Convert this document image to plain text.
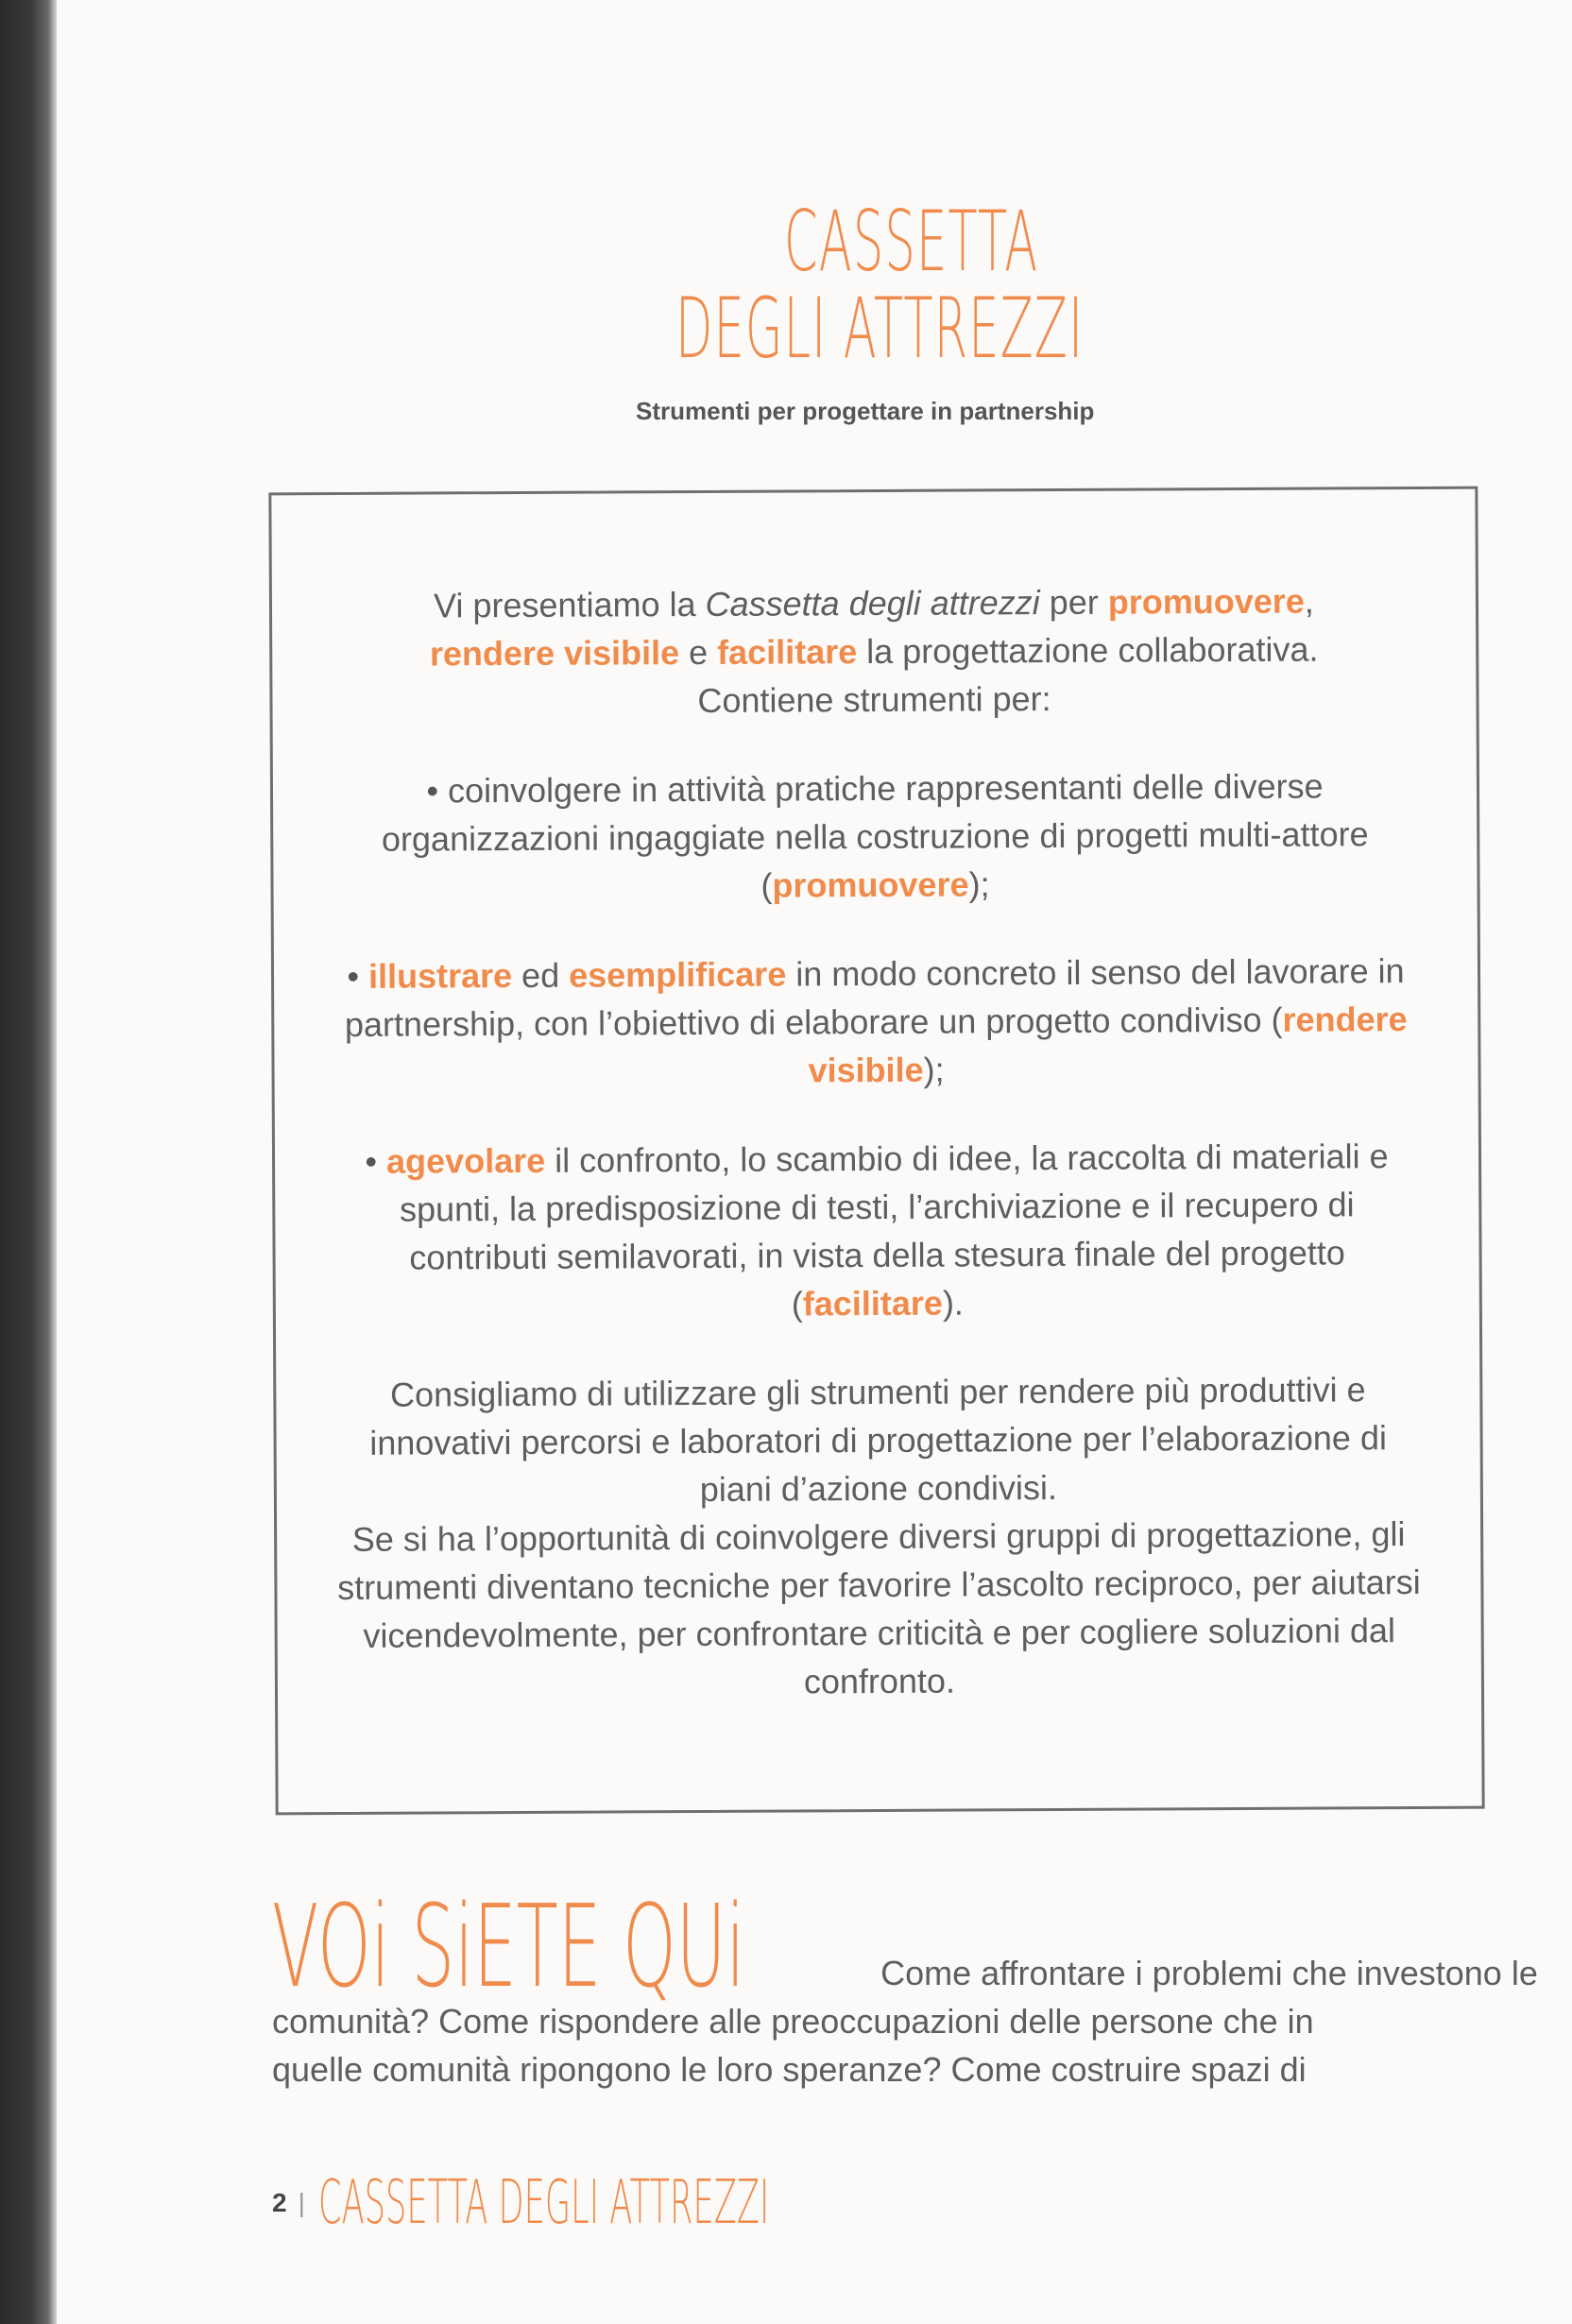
CASSETTA
DEGLI ATTREZZI
Strumenti per progettare in partnership

Vi presentiamo la Cassetta degli attrezzi per promuovere,
rendere visibile e facilitare la progettazione collaborativa.
Contiene strumenti per:

• coinvolgere in attività pratiche rappresentanti delle diverse organizzazioni ingaggiate nella costruzione di progetti multi-attore (promuovere);

• illustrare ed esemplificare in modo concreto il senso del lavorare in partnership, con l’obiettivo di elaborare un progetto condiviso (rendere visibile);

• agevolare il confronto, lo scambio di idee, la raccolta di materiali e spunti, la predisposizione di testi, l’archiviazione e il recupero di contributi semilavorati, in vista della stesura finale del progetto (facilitare).

Consigliamo di utilizzare gli strumenti per rendere più produttivi e innovativi percorsi e laboratori di progettazione per l’elaborazione di piani d’azione condivisi.
Se si ha l’opportunità di coinvolgere diversi gruppi di progettazione, gli strumenti diventano tecniche per favorire l’ascolto reciproco, per aiutarsi vicendevolmente, per confrontare criticità e per cogliere soluzioni dal confronto.

VOi SiETE QUi	Come affrontare i problemi che investono le
comunità? Come rispondere alle preoccupazioni delle persone che in
quelle comunità ripongono le loro speranze? Come costruire spazi di
2 | CASSETTA DEGLI ATTREZZI
